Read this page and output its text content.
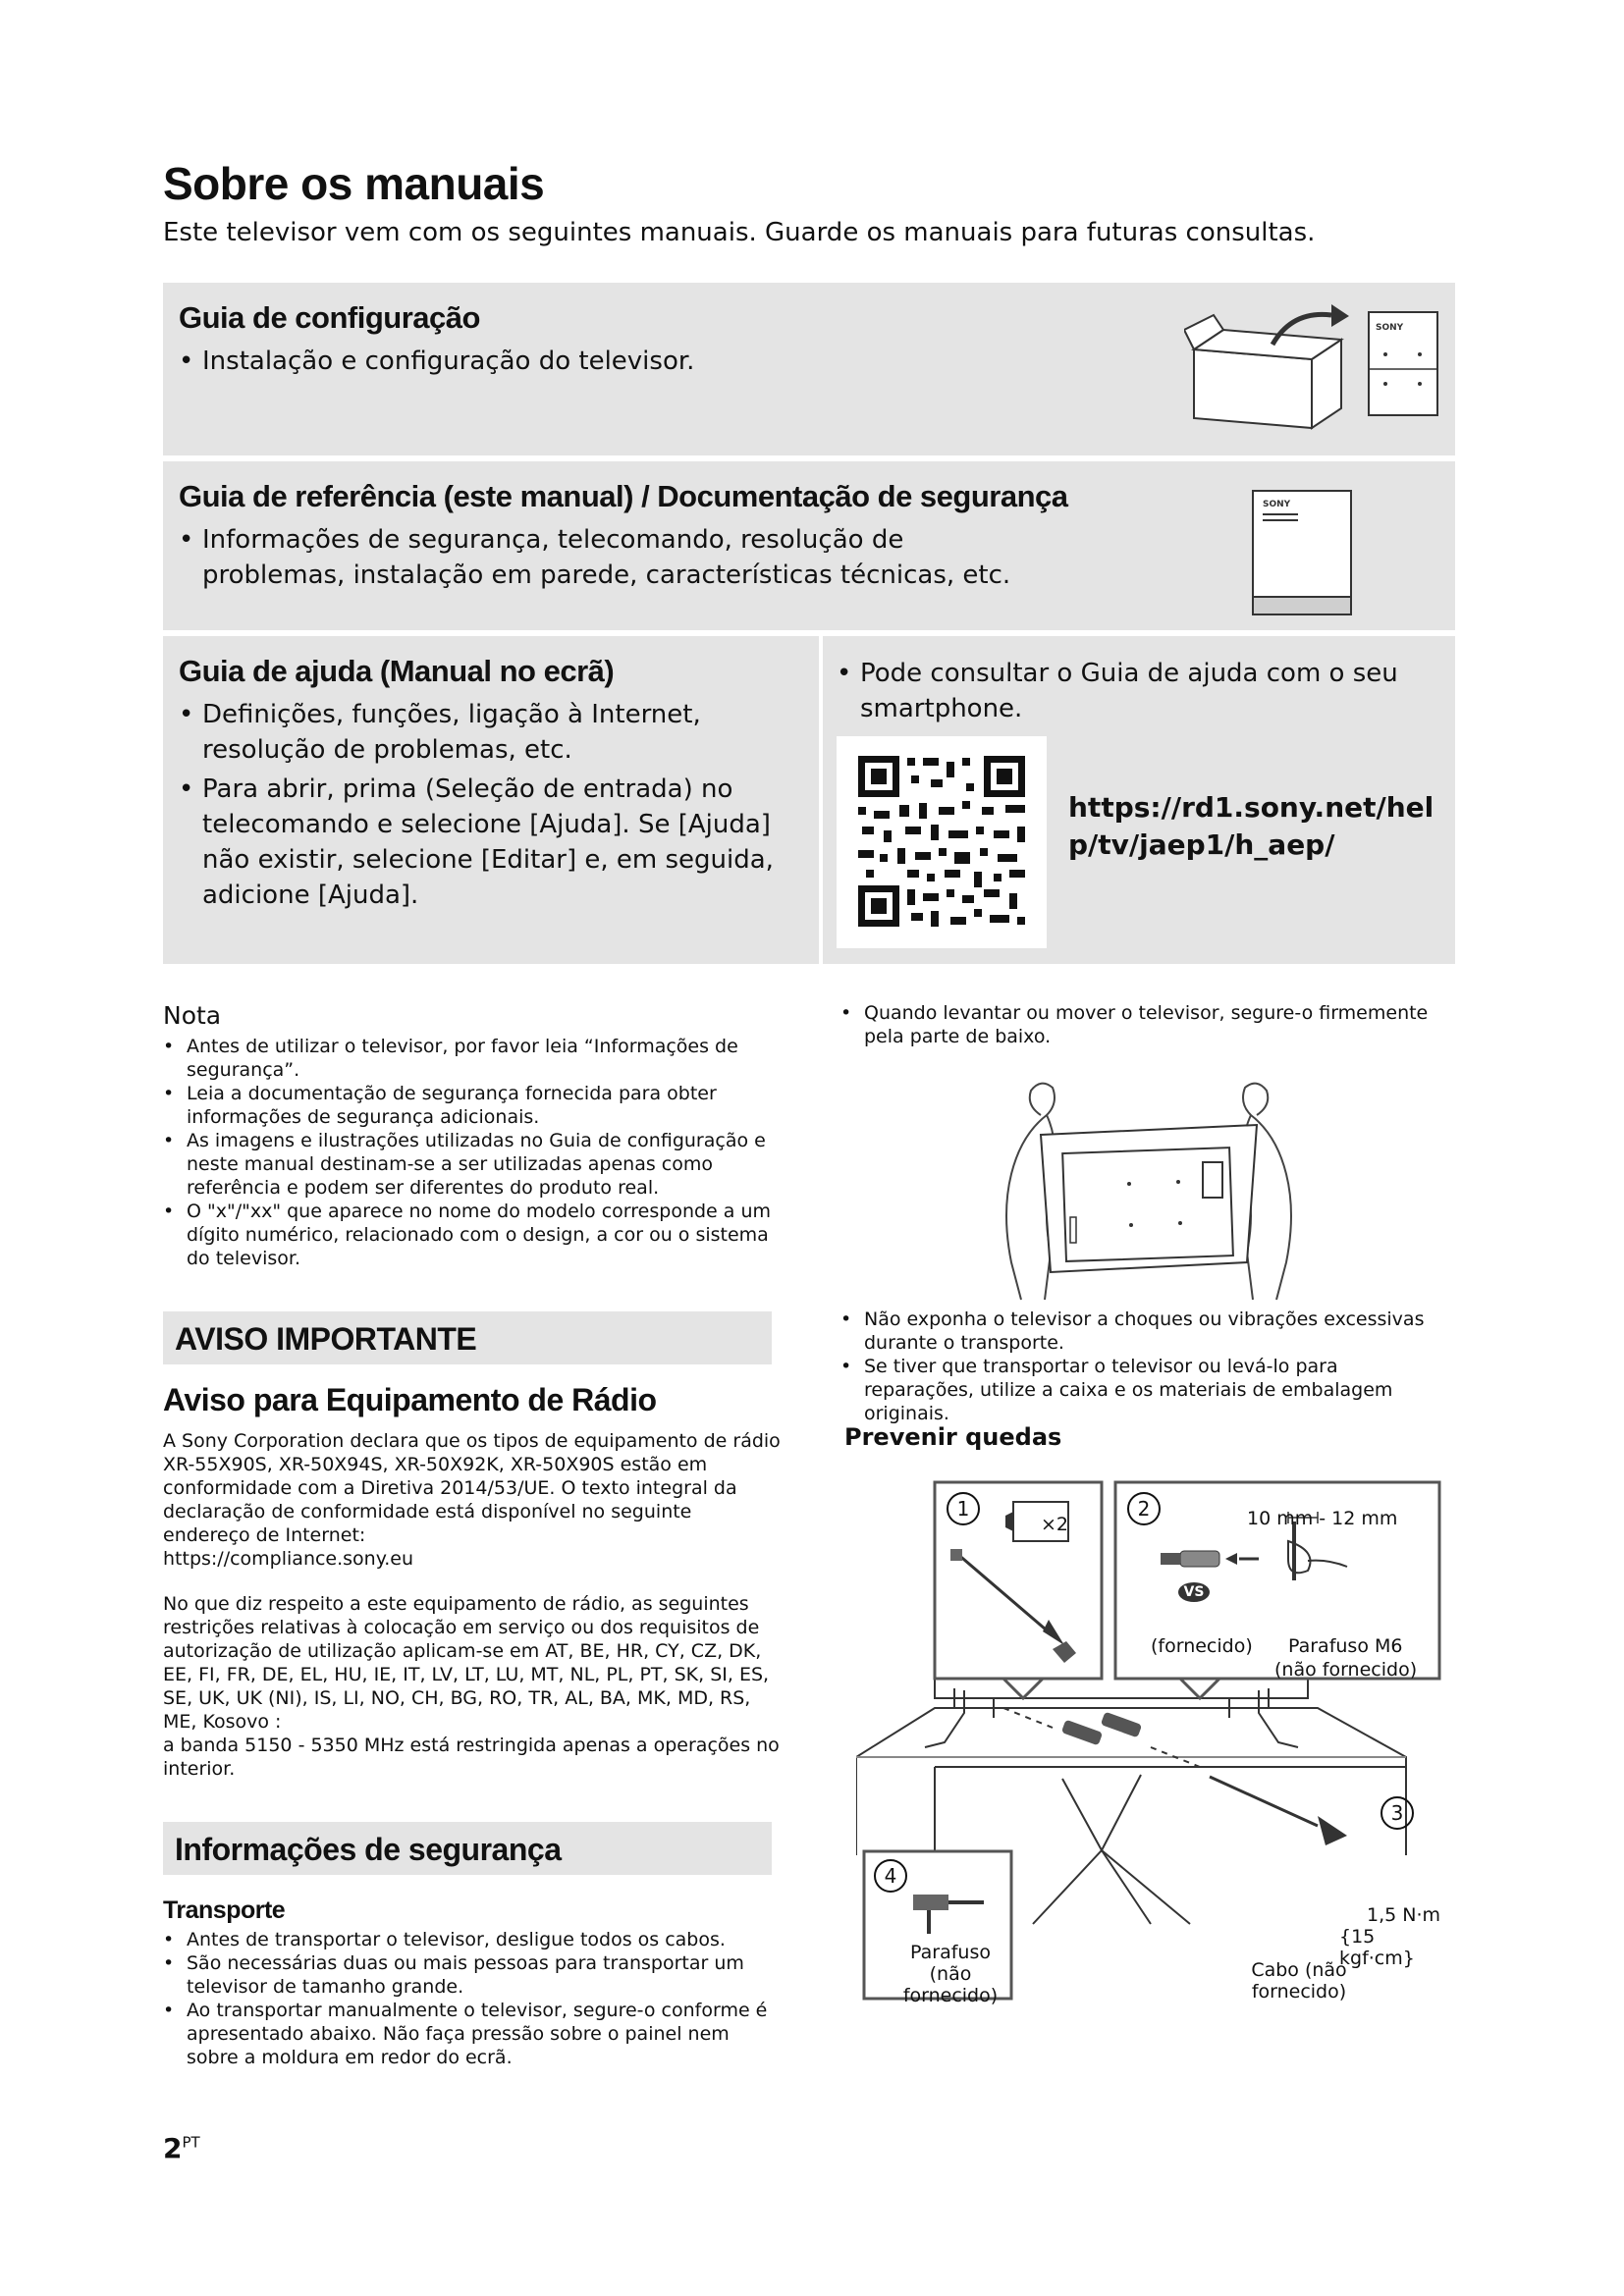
Sobre os manuais
Este televisor vem com os seguintes manuais. Guarde os manuais para futuras consultas.
Guia de configuração
• Instalação e configuração do televisor.
SONY
Guia de referência (este manual) / Documentação de segurança
• Informações de segurança, telecomando, resolução de problemas, instalação em parede, características técnicas, etc.
SONY
Guia de ajuda (Manual no ecrã)
• Definições, funções, ligação à Internet, resolução de problemas, etc.
• Para abrir, prima (Seleção de entrada) no telecomando e selecione [Ajuda]. Se [Ajuda] não existir, selecione [Editar] e, em seguida, adicione [Ajuda].
• Pode consultar o Guia de ajuda com o seu smartphone.
https://rd1.sony.net/help/tv/jaep1/h_aep/
Nota
• Antes de utilizar o televisor, por favor leia “Informações de segurança”.
• Leia a documentação de segurança fornecida para obter informações de segurança adicionais.
• As imagens e ilustrações utilizadas no Guia de configuração e neste manual destinam-se a ser utilizadas apenas como referência e podem ser diferentes do produto real.
• O "x"/"xx" que aparece no nome do modelo corresponde a um dígito numérico, relacionado com o design, a cor ou o sistema do televisor.
AVISO IMPORTANTE
Aviso para Equipamento de Rádio
A Sony Corporation declara que os tipos de equipamento de rádio XR-55X90S, XR-50X94S, XR-50X92K, XR-50X90S estão em conformidade com a Diretiva 2014/53/UE. O texto integral da declaração de conformidade está disponível no seguinte endereço de Internet:
https://compliance.sony.eu
No que diz respeito a este equipamento de rádio, as seguintes restrições relativas à colocação em serviço ou dos requisitos de autorização de utilização aplicam-se em AT, BE, HR, CY, CZ, DK, EE, FI, FR, DE, EL, HU, IE, IT, LV, LT, LU, MT, NL, PL, PT, SK, SI, ES, SE, UK, UK (NI), IS, LI, NO, CH, BG, RO, TR, AL, BA, MK, MD, RS, ME, Kosovo :
a banda 5150 - 5350 MHz está restringida apenas a operações no interior.
Informações de segurança
Transporte
• Antes de transportar o televisor, desligue todos os cabos.
• São necessárias duas ou mais pessoas para transportar um televisor de tamanho grande.
• Ao transportar manualmente o televisor, segure-o conforme é apresentado abaixo. Não faça pressão sobre o painel nem sobre a moldura em redor do ecrã.
• Quando levantar ou mover o televisor, segure-o firmemente pela parte de baixo.
• Não exponha o televisor a choques ou vibrações excessivas durante o transporte.
• Se tiver que transportar o televisor ou levá-lo para reparações, utilize a caixa e os materiais de embalagem originais.
Prevenir quedas
1	2
3
4
×2	10 mm - 12 mm
VS
(fornecido) Parafuso M6
(não fornecido)
1,5 N·m
{15 kgf·cm}
Parafuso (não
fornecido)
Cabo (não
fornecido)
$2^{PT}$
